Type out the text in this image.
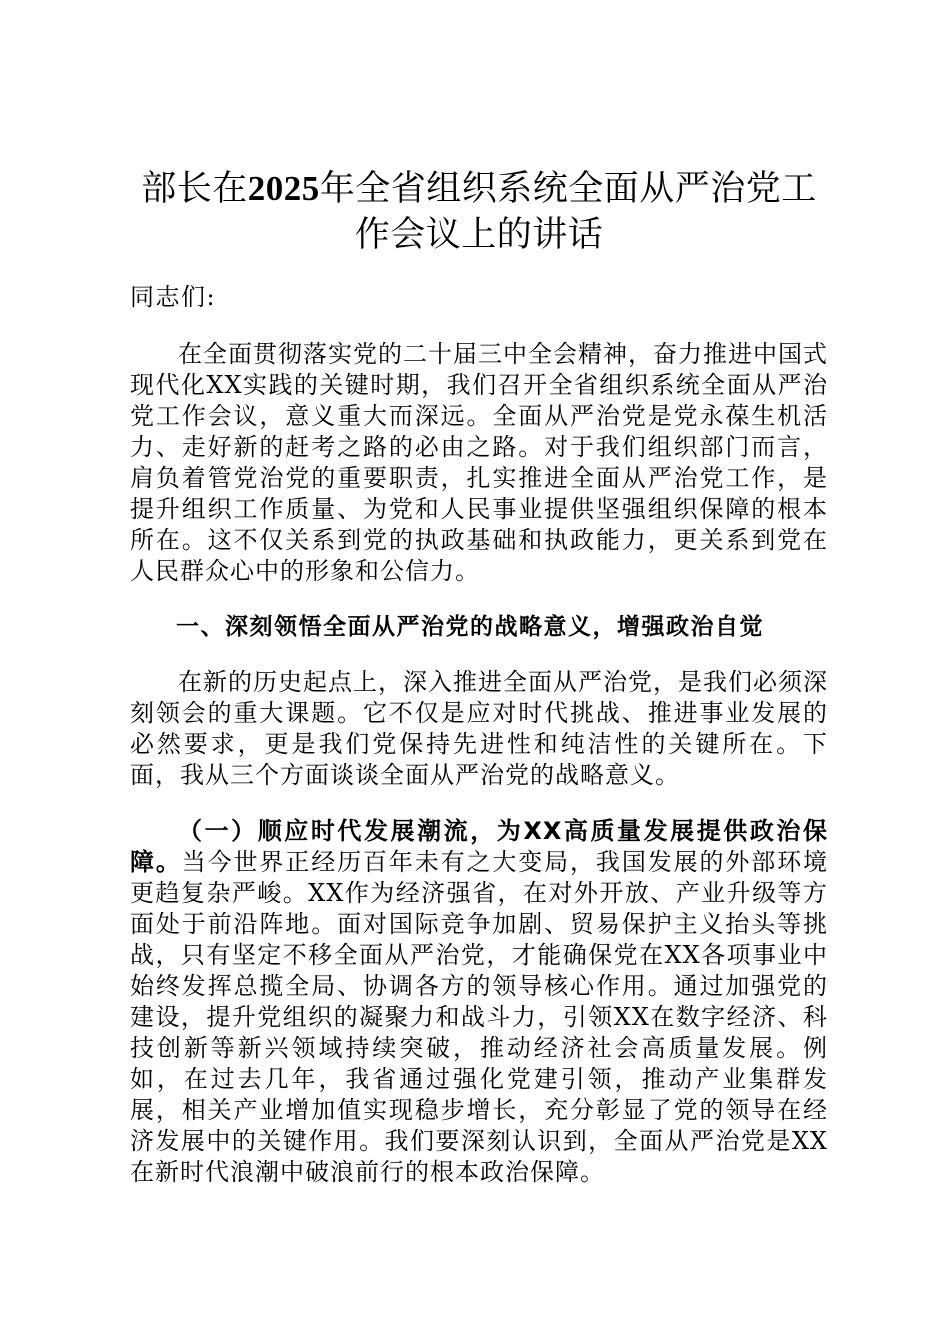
部长在2025年全省组织系统全面从严治党工
作会议上的讲话

同志们:

在全面贯彻落实党的二十届三中全会精神，奋力推进中国式现代化XX实践的关键时期，我们召开全省组织系统全面从严治党工作会议，意义重大而深远。全面从严治党是党永葆生机活力、走好新的赶考之路的必由之路。对于我们组织部门而言，肩负着管党治党的重要职责，扎实推进全面从严治党工作，是提升组织工作质量、为党和人民事业提供坚强组织保障的根本所在。这不仅关系到党的执政基础和执政能力，更关系到党在人民群众心中的形象和公信力。

一、深刻领悟全面从严治党的战略意义，增强政治自觉

在新的历史起点上，深入推进全面从严治党，是我们必须深刻领会的重大课题。它不仅是应对时代挑战、推进事业发展的必然要求，更是我们党保持先进性和纯洁性的关键所在。下面，我从三个方面谈谈全面从严治党的战略意义。

（一）顺应时代发展潮流，为XX高质量发展提供政治保障。当今世界正经历百年未有之大变局，我国发展的外部环境更趋复杂严峻。XX作为经济强省，在对外开放、产业升级等方面处于前沿阵地。面对国际竞争加剧、贸易保护主义抬头等挑战，只有坚定不移全面从严治党，才能确保党在XX各项事业中始终发挥总揽全局、协调各方的领导核心作用。通过加强党的建设，提升党组织的凝聚力和战斗力，引领XX在数字经济、科技创新等新兴领域持续突破，推动经济社会高质量发展。例如，在过去几年，我省通过强化党建引领，推动产业集群发展，相关产业增加值实现稳步增长，充分彰显了党的领导在经济发展中的关键作用。我们要深刻认识到，全面从严治党是XX在新时代浪潮中破浪前行的根本政治保障。
